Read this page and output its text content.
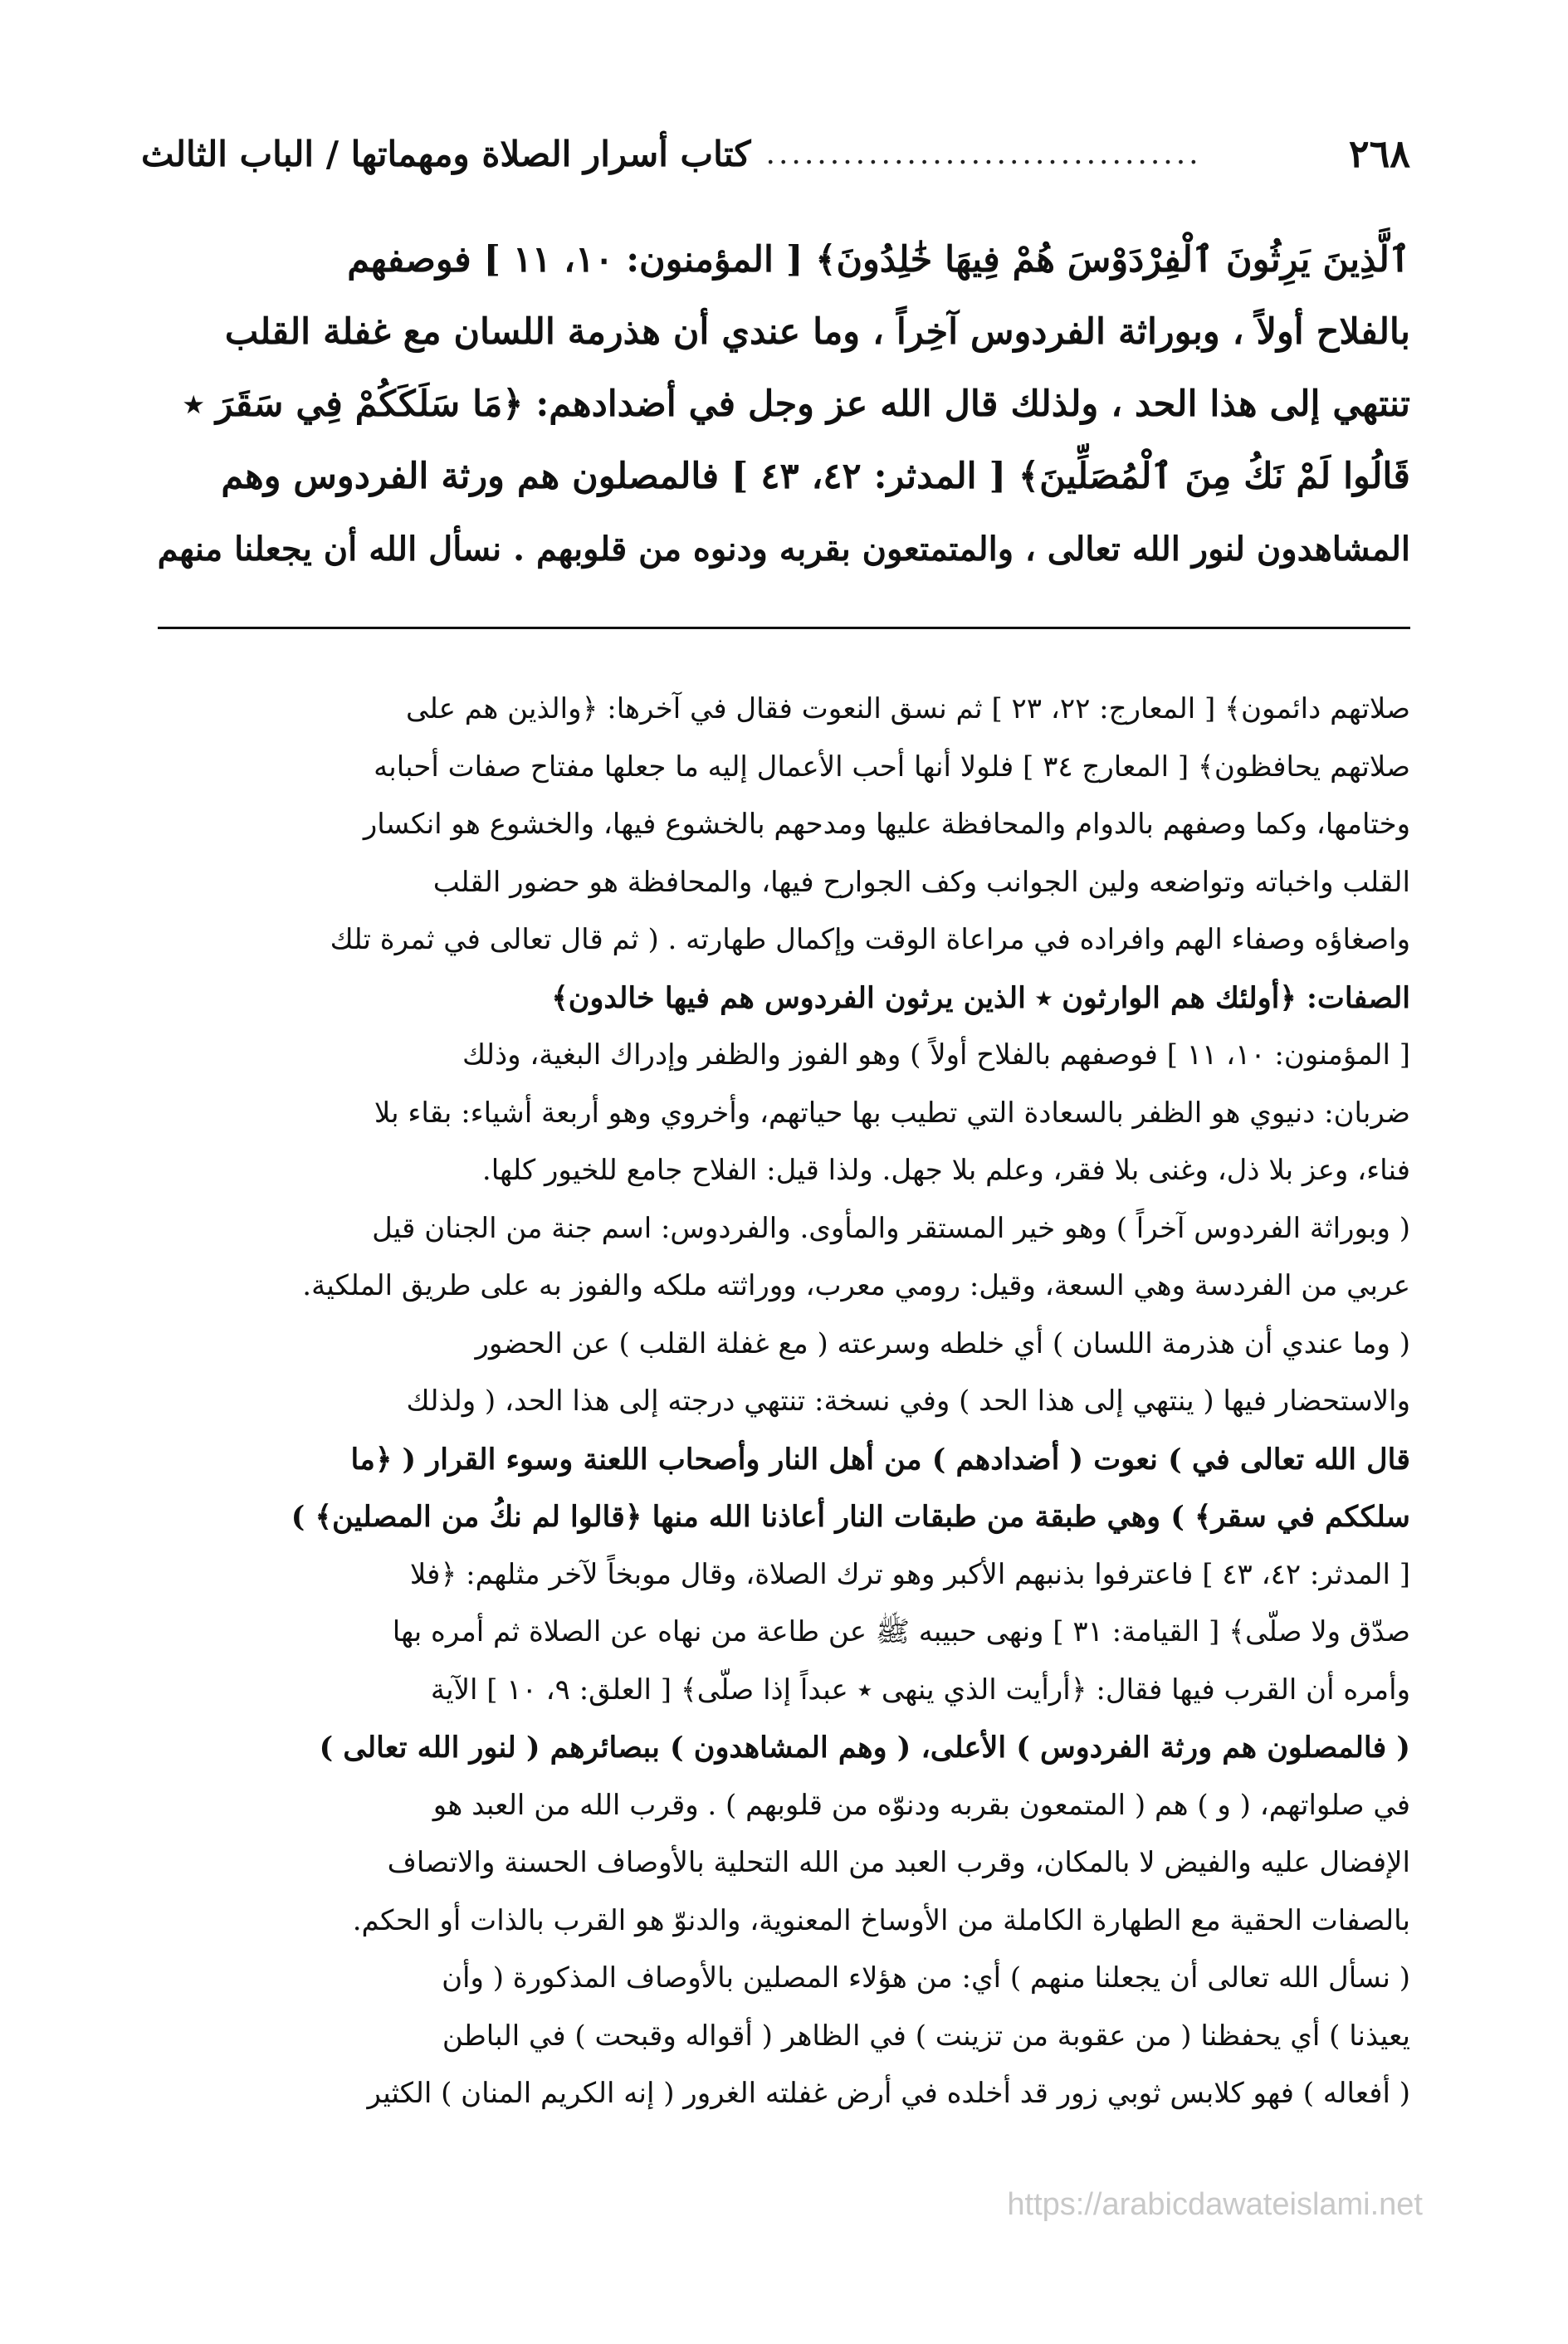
٢٦٨
..................................
كتاب أسرار الصلاة ومهماتها / الباب الثالث
ٱلَّذِينَ يَرِثُونَ ٱلْفِرْدَوْسَ هُمْ فِيهَا خَٰلِدُونَ﴾ [ المؤمنون: ١٠، ١١ ] فوصفهم
بالفلاح أولاً ، وبوراثة الفردوس آخِراً ، وما عندي أن هذرمة اللسان مع غفلة القلب
تنتهي إلى هذا الحد ، ولذلك قال الله عز وجل في أضدادهم: ﴿مَا سَلَكَكُمْ فِي سَقَرَ ٭
قَالُوا لَمْ نَكُ مِنَ ٱلْمُصَلِّينَ﴾ [ المدثر: ٤٢، ٤٣ ] فالمصلون هم ورثة الفردوس وهم
المشاهدون لنور الله تعالى ، والمتمتعون بقربه ودنوه من قلوبهم . نسأل الله أن يجعلنا منهم
صلاتهم دائمون﴾ [ المعارج: ٢٢، ٢٣ ] ثم نسق النعوت فقال في آخرها: ﴿والذين هم على
صلاتهم يحافظون﴾ [ المعارج ٣٤ ] فلولا أنها أحب الأعمال إليه ما جعلها مفتاح صفات أحبابه
وختامها، وكما وصفهم بالدوام والمحافظة عليها ومدحهم بالخشوع فيها، والخشوع هو انكسار
القلب واخباته وتواضعه ولين الجوانب وكف الجوارح فيها، والمحافظة هو حضور القلب
واصغاؤه وصفاء الهم وافراده في مراعاة الوقت وإكمال طهارته . ( ثم قال تعالى في ثمرة تلك
الصفات: ﴿أولئك هم الوارثون ٭ الذين يرثون الفردوس هم فيها خالدون﴾
[ المؤمنون: ١٠، ١١ ] فوصفهم بالفلاح أولاً ) وهو الفوز والظفر وإدراك البغية، وذلك
ضربان: دنيوي هو الظفر بالسعادة التي تطيب بها حياتهم، وأخروي وهو أربعة أشياء: بقاء بلا
فناء، وعز بلا ذل، وغنى بلا فقر، وعلم بلا جهل. ولذا قيل: الفلاح جامع للخيور كلها.
( وبوراثة الفردوس آخراً ) وهو خير المستقر والمأوى. والفردوس: اسم جنة من الجنان قيل
عربي من الفردسة وهي السعة، وقيل: رومي معرب، ووراثته ملكه والفوز به على طريق الملكية.
( وما عندي أن هذرمة اللسان ) أي خلطه وسرعته ( مع غفلة القلب ) عن الحضور
والاستحضار فيها ( ينتهي إلى هذا الحد ) وفي نسخة: تنتهي درجته إلى هذا الحد، ( ولذلك
قال الله تعالى في ) نعوت ( أضدادهم ) من أهل النار وأصحاب اللعنة وسوء القرار ( ﴿ما
سلككم في سقر﴾ ) وهي طبقة من طبقات النار أعاذنا الله منها ﴿قالوا لم نكُ من المصلين﴾ )
[ المدثر: ٤٢، ٤٣ ] فاعترفوا بذنبهم الأكبر وهو ترك الصلاة، وقال موبخاً لآخر مثلهم: ﴿فلا
صدّق ولا صلّى﴾ [ القيامة: ٣١ ] ونهى حبيبه ﷺ عن طاعة من نهاه عن الصلاة ثم أمره بها
وأمره أن القرب فيها فقال: ﴿أرأيت الذي ينهى ٭ عبداً إذا صلّى﴾ [ العلق: ٩، ١٠ ] الآية
( فالمصلون هم ورثة الفردوس ) الأعلى، ( وهم المشاهدون ) ببصائرهم ( لنور الله تعالى )
في صلواتهم، ( و ) هم ( المتمعون بقربه ودنوّه من قلوبهم ) . وقرب الله من العبد هو
الإفضال عليه والفيض لا بالمكان، وقرب العبد من الله التحلية بالأوصاف الحسنة والاتصاف
بالصفات الحقية مع الطهارة الكاملة من الأوساخ المعنوية، والدنوّ هو القرب بالذات أو الحكم.
( نسأل الله تعالى أن يجعلنا منهم ) أي: من هؤلاء المصلين بالأوصاف المذكورة ( وأن
يعيذنا ) أي يحفظنا ( من عقوبة من تزينت ) في الظاهر ( أقواله وقبحت ) في الباطن
( أفعاله ) فهو كلابس ثوبي زور قد أخلده في أرض غفلته الغرور ( إنه الكريم المنان ) الكثير
https://arabicdawateislami.net
